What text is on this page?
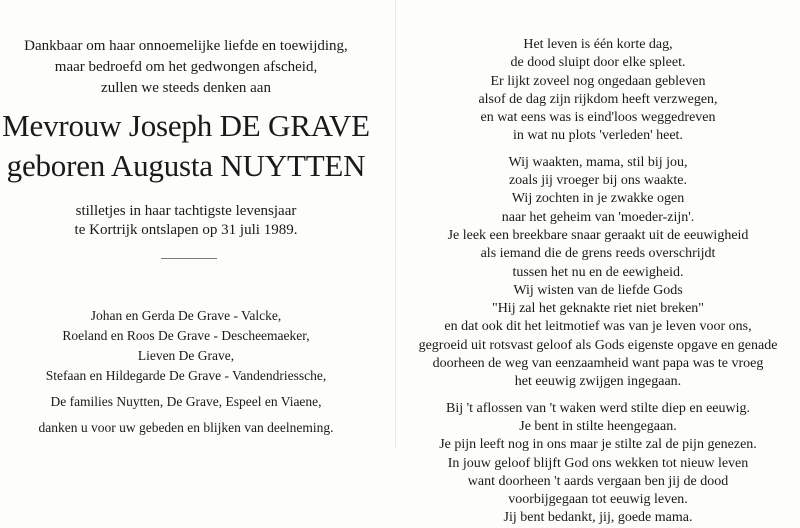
Dankbaar om haar onnoemelijke liefde en toewijding,
maar bedroefd om het gedwongen afscheid,
zullen we steeds denken aan
Mevrouw Joseph DE GRAVE
geboren Augusta NUYTTEN
stilletjes in haar tachtigste levensjaar
te Kortrijk ontslapen op 31 juli 1989.
Johan en Gerda De Grave - Valcke,
Roeland en Roos De Grave - Descheemaeker,
Lieven De Grave,
Stefaan en Hildegarde De Grave - Vandendriessche,
De families Nuytten, De Grave, Espeel en Viaene,
danken u voor uw gebeden en blijken van deelneming.
Het leven is één korte dag,
de dood sluipt door elke spleet.
Er lijkt zoveel nog ongedaan gebleven
alsof de dag zijn rijkdom heeft verzwegen,
en wat eens was is eind'loos weggedreven
in wat nu plots 'verleden' heet.
Wij waakten, mama, stil bij jou,
zoals jij vroeger bij ons waakte.
Wij zochten in je zwakke ogen
naar het geheim van 'moeder-zijn'.
Je leek een breekbare snaar geraakt uit de eeuwigheid
als iemand die de grens reeds overschrijdt
tussen het nu en de eewigheid.
Wij wisten van de liefde Gods
"Hij zal het geknakte riet niet breken"
en dat ook dit het leitmotief was van je leven voor ons,
gegroeid uit rotsvast geloof als Gods eigenste opgave en genade
doorheen de weg van eenzaamheid want papa was te vroeg
het eeuwig zwijgen ingegaan.
Bij 't aflossen van 't waken werd stilte diep en eeuwig.
Je bent in stilte heengegaan.
Je pijn leeft nog in ons maar je stilte zal de pijn genezen.
In jouw geloof blijft God ons wekken tot nieuw leven
want doorheen 't aards vergaan ben jij de dood
voorbijgegaan tot eeuwig leven.
Jij bent bedankt, jij, goede mama.
